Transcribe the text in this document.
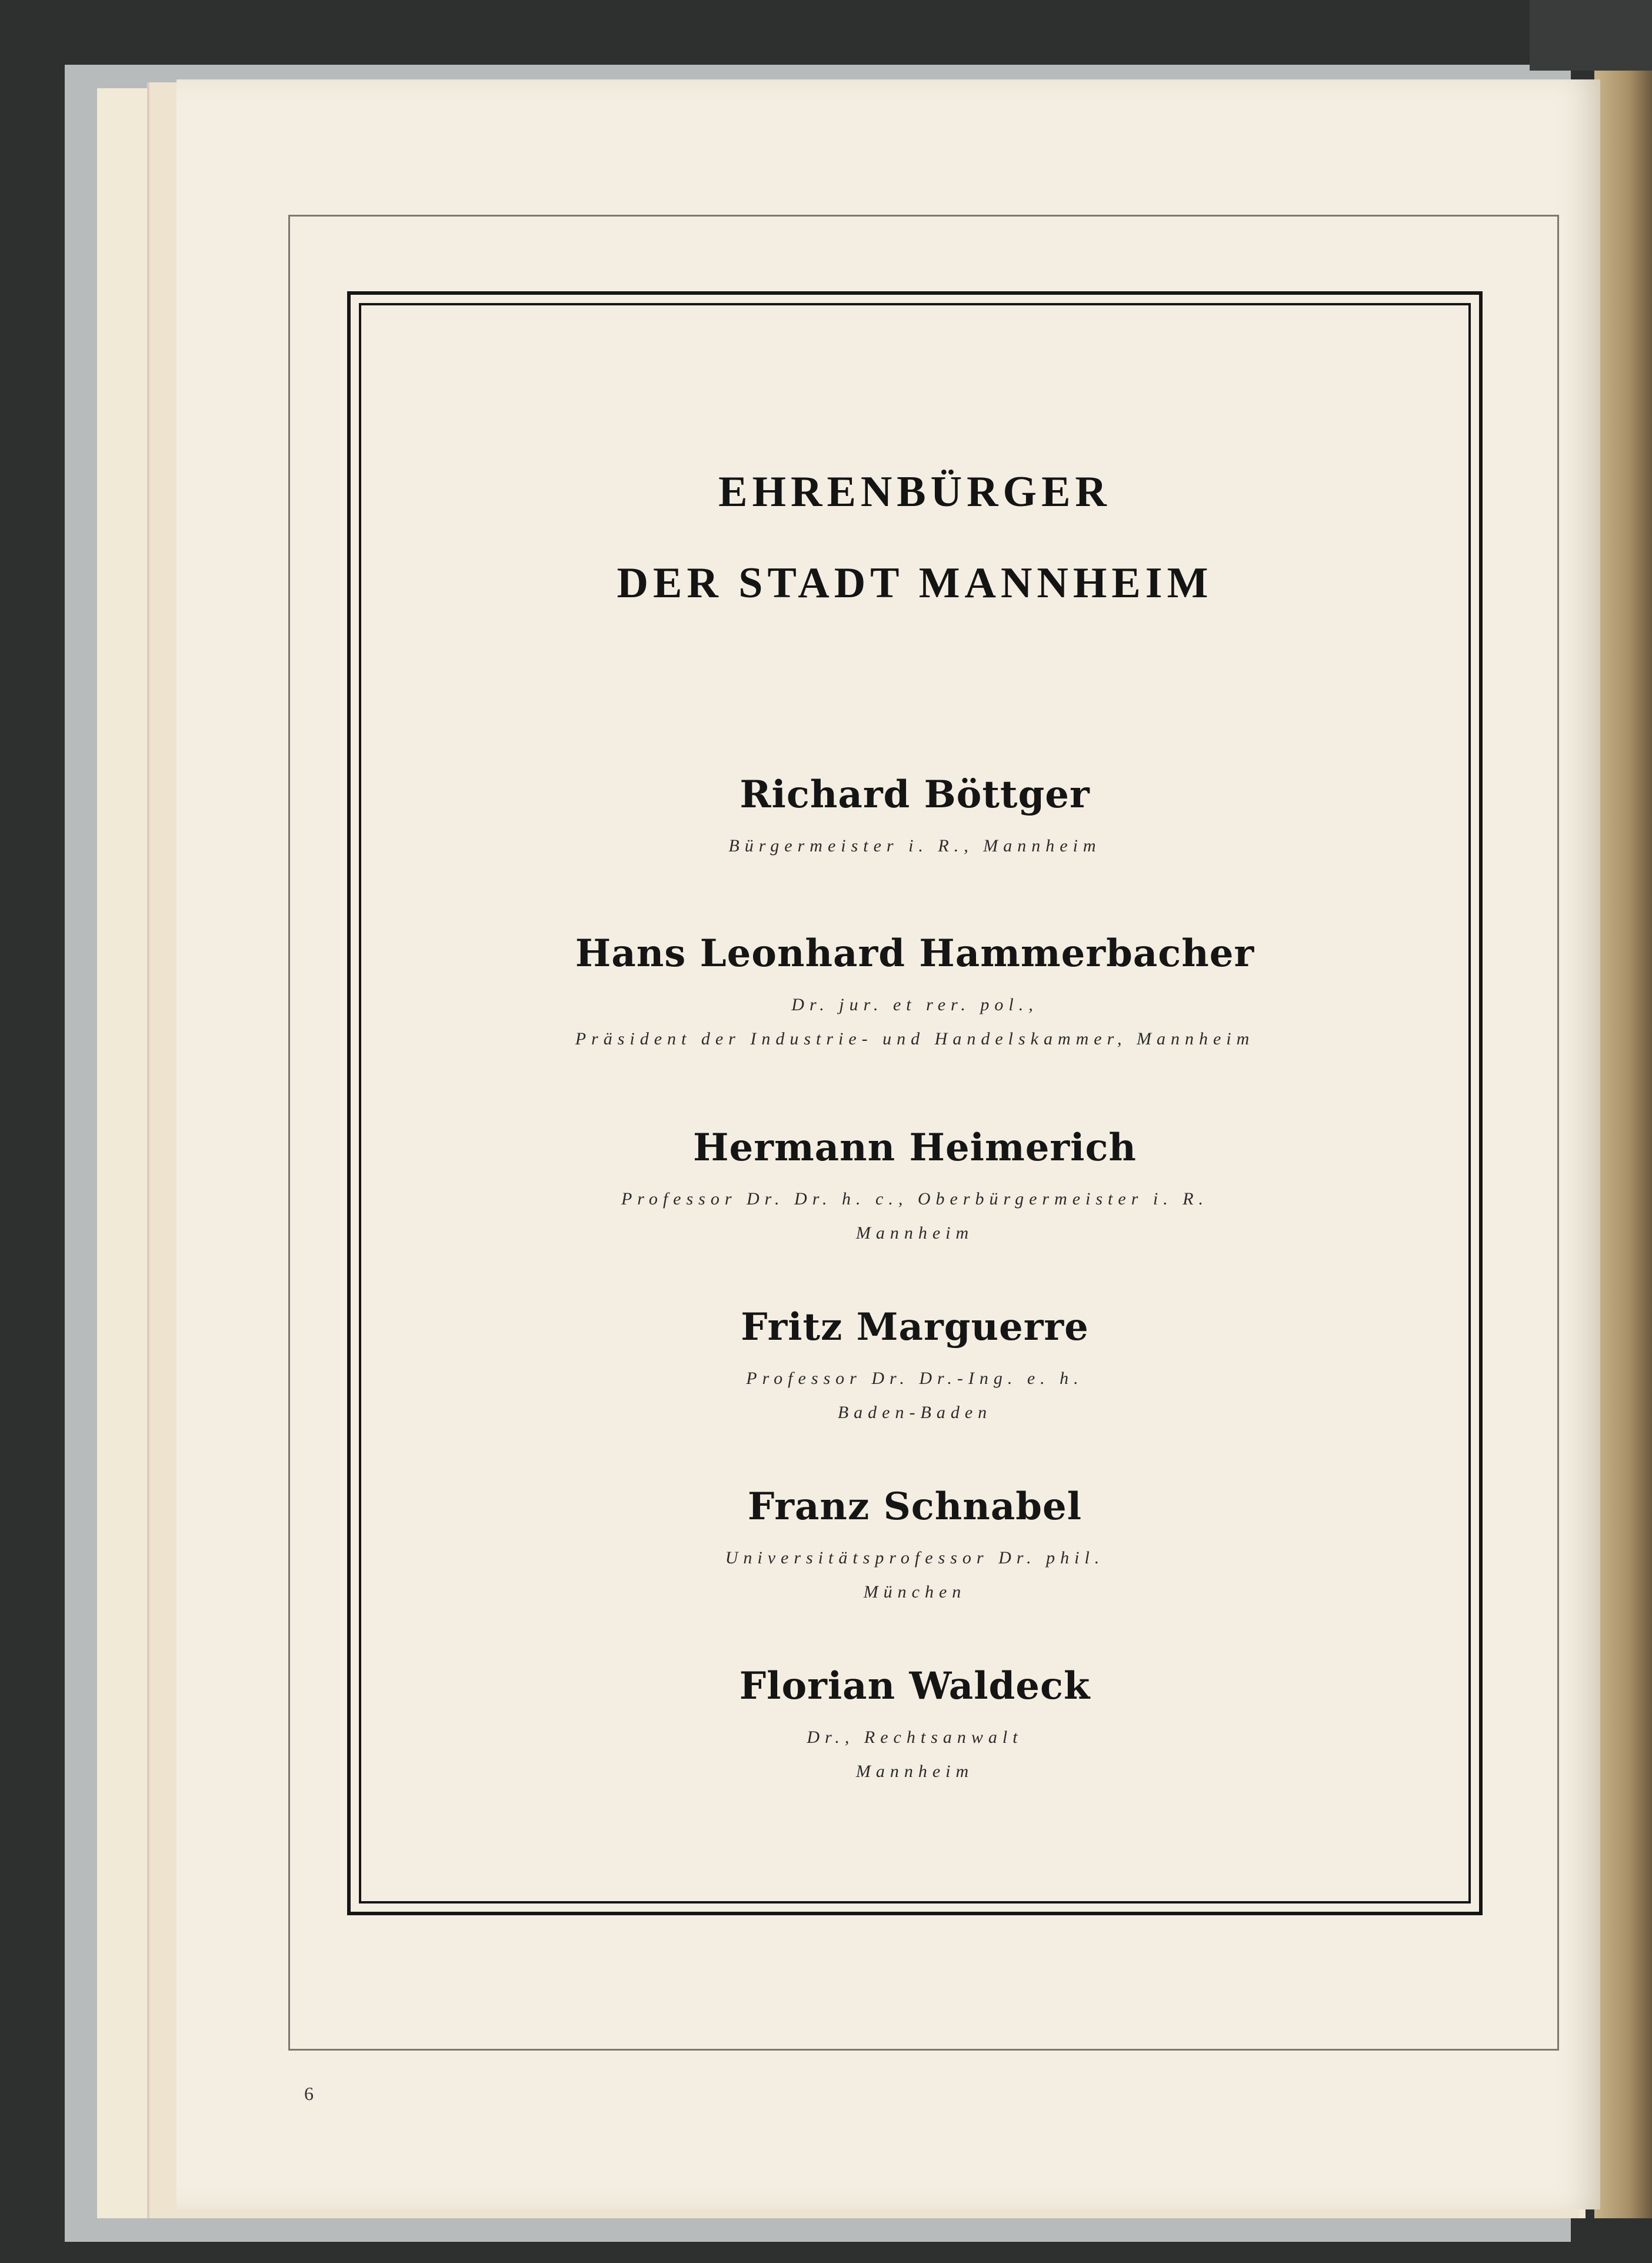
EHRENBÜRGER
DER STADT MANNHEIM

Richard Böttger

Bürgermeister i. R., Mannheim

Hans Leonhard Hammerbacher

Dr. jur. et rer. pol.,

Präsident der Industrie- und Handelskammer, Mannheim

Hermann Heimerich

Professor Dr. Dr. h. c., Oberbürgermeister i. R.

Mannheim

Fritz Marguerre

Professor Dr. Dr.-Ing. e. h.

Baden-Baden

Franz Schnabel

Universitätsprofessor Dr. phil.

München

Florian Waldeck

Dr., Rechtsanwalt

Mannheim

6
